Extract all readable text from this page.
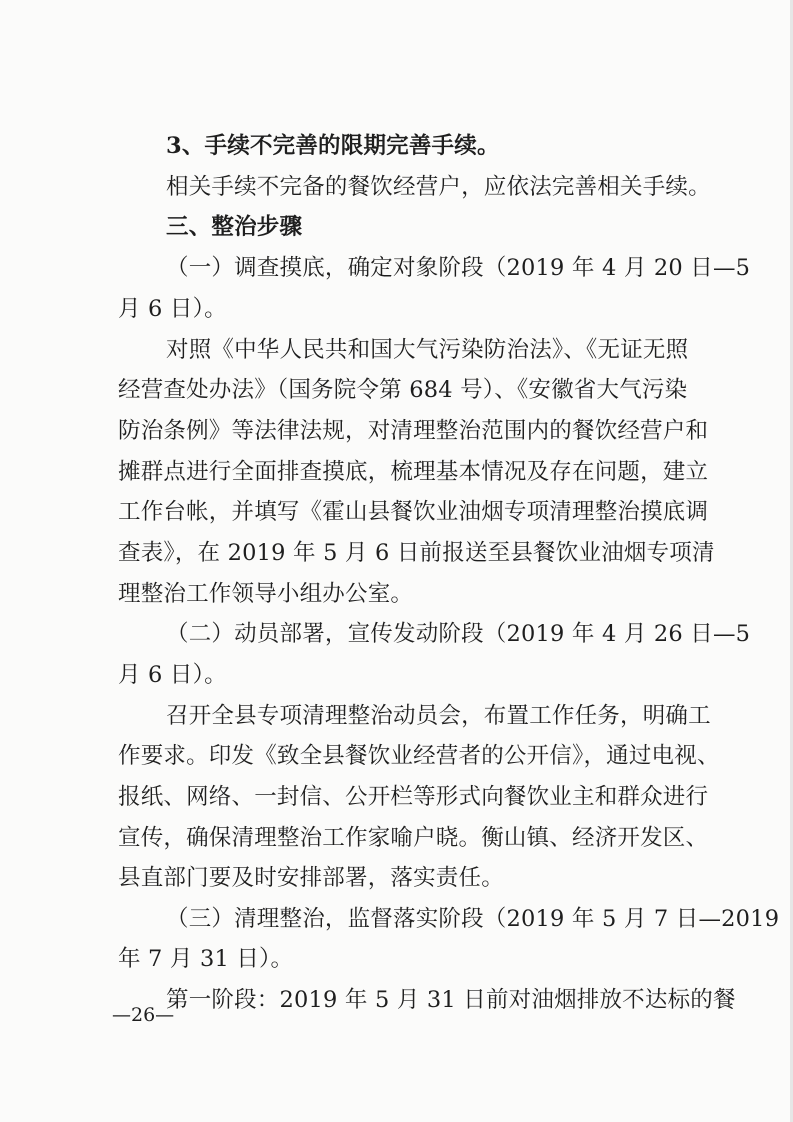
3、手续不完善的限期完善手续。
相关手续不完备的餐饮经营户，应依法完善相关手续。
三、整治步骤
（一）调查摸底，确定对象阶段（2019 年 4 月 20 日—5
月 6 日）。
对照《中华人民共和国大气污染防治法》、《无证无照
经营查处办法》（国务院令第 684 号）、《安徽省大气污染
防治条例》等法律法规，对清理整治范围内的餐饮经营户和
摊群点进行全面排查摸底，梳理基本情况及存在问题，建立
工作台帐，并填写《霍山县餐饮业油烟专项清理整治摸底调
查表》，在 2019 年 5 月 6 日前报送至县餐饮业油烟专项清
理整治工作领导小组办公室。
（二）动员部署，宣传发动阶段（2019 年 4 月 26 日—5
月 6 日）。
召开全县专项清理整治动员会，布置工作任务，明确工
作要求。印发《致全县餐饮业经营者的公开信》，通过电视、
报纸、网络、一封信、公开栏等形式向餐饮业主和群众进行
宣传，确保清理整治工作家喻户晓。衡山镇、经济开发区、
县直部门要及时安排部署，落实责任。
（三）清理整治，监督落实阶段（2019 年 5 月 7 日—2019
年 7 月 31 日）。
第一阶段：2019 年 5 月 31 日前对油烟排放不达标的餐
—26—
